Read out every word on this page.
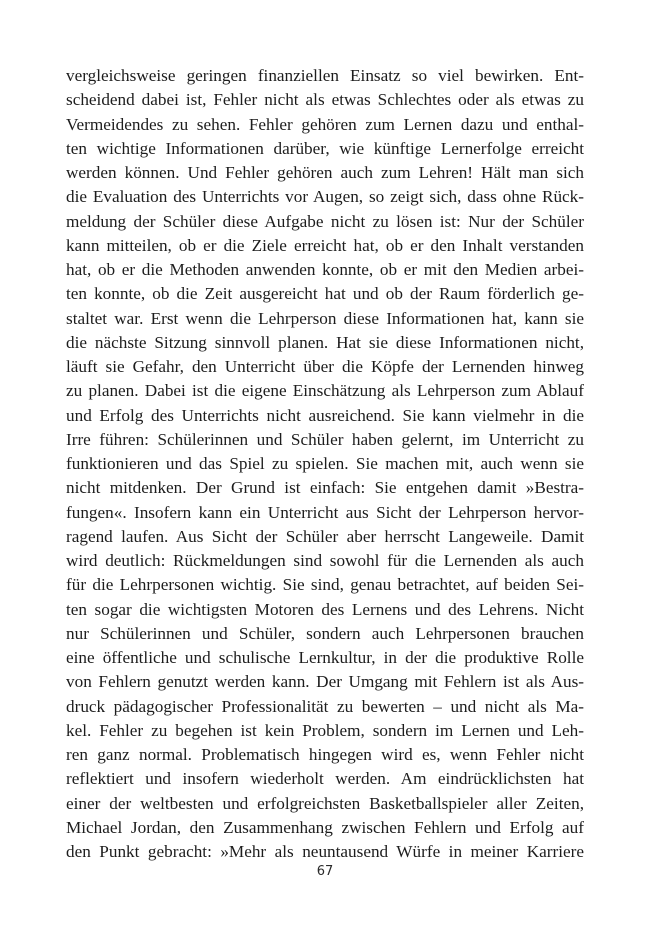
vergleichsweise geringen finanziellen Einsatz so viel bewirken. Ent-
scheidend dabei ist, Fehler nicht als etwas Schlechtes oder als etwas zu
Vermeidendes zu sehen. Fehler gehören zum Lernen dazu und enthal-
ten wichtige Informationen darüber, wie künftige Lernerfolge erreicht
werden können. Und Fehler gehören auch zum Lehren! Hält man sich
die Evaluation des Unterrichts vor Augen, so zeigt sich, dass ohne Rück-
meldung der Schüler diese Aufgabe nicht zu lösen ist: Nur der Schüler
kann mitteilen, ob er die Ziele erreicht hat, ob er den Inhalt verstanden
hat, ob er die Methoden anwenden konnte, ob er mit den Medien arbei-
ten konnte, ob die Zeit ausgereicht hat und ob der Raum förderlich ge-
staltet war. Erst wenn die Lehrperson diese Informationen hat, kann sie
die nächste Sitzung sinnvoll planen. Hat sie diese Informationen nicht,
läuft sie Gefahr, den Unterricht über die Köpfe der Lernenden hinweg
zu planen. Dabei ist die eigene Einschätzung als Lehrperson zum Ablauf
und Erfolg des Unterrichts nicht ausreichend. Sie kann vielmehr in die
Irre führen: Schülerinnen und Schüler haben gelernt, im Unterricht zu
funktionieren und das Spiel zu spielen. Sie machen mit, auch wenn sie
nicht mitdenken. Der Grund ist einfach: Sie entgehen damit »Bestra-
fungen«. Insofern kann ein Unterricht aus Sicht der Lehrperson hervor-
ragend laufen. Aus Sicht der Schüler aber herrscht Langeweile. Damit
wird deutlich: Rückmeldungen sind sowohl für die Lernenden als auch
für die Lehrpersonen wichtig. Sie sind, genau betrachtet, auf beiden Sei-
ten sogar die wichtigsten Motoren des Lernens und des Lehrens. Nicht
nur Schülerinnen und Schüler, sondern auch Lehrpersonen brauchen
eine öffentliche und schulische Lernkultur, in der die produktive Rolle
von Fehlern genutzt werden kann. Der Umgang mit Fehlern ist als Aus-
druck pädagogischer Professionalität zu bewerten – und nicht als Ma-
kel. Fehler zu begehen ist kein Problem, sondern im Lernen und Leh-
ren ganz normal. Problematisch hingegen wird es, wenn Fehler nicht
reflektiert und insofern wiederholt werden. Am eindrücklichsten hat
einer der weltbesten und erfolgreichsten Basketballspieler aller Zeiten,
Michael Jordan, den Zusammenhang zwischen Fehlern und Erfolg auf
den Punkt gebracht: »Mehr als neuntausend Würfe in meiner Karriere
67
